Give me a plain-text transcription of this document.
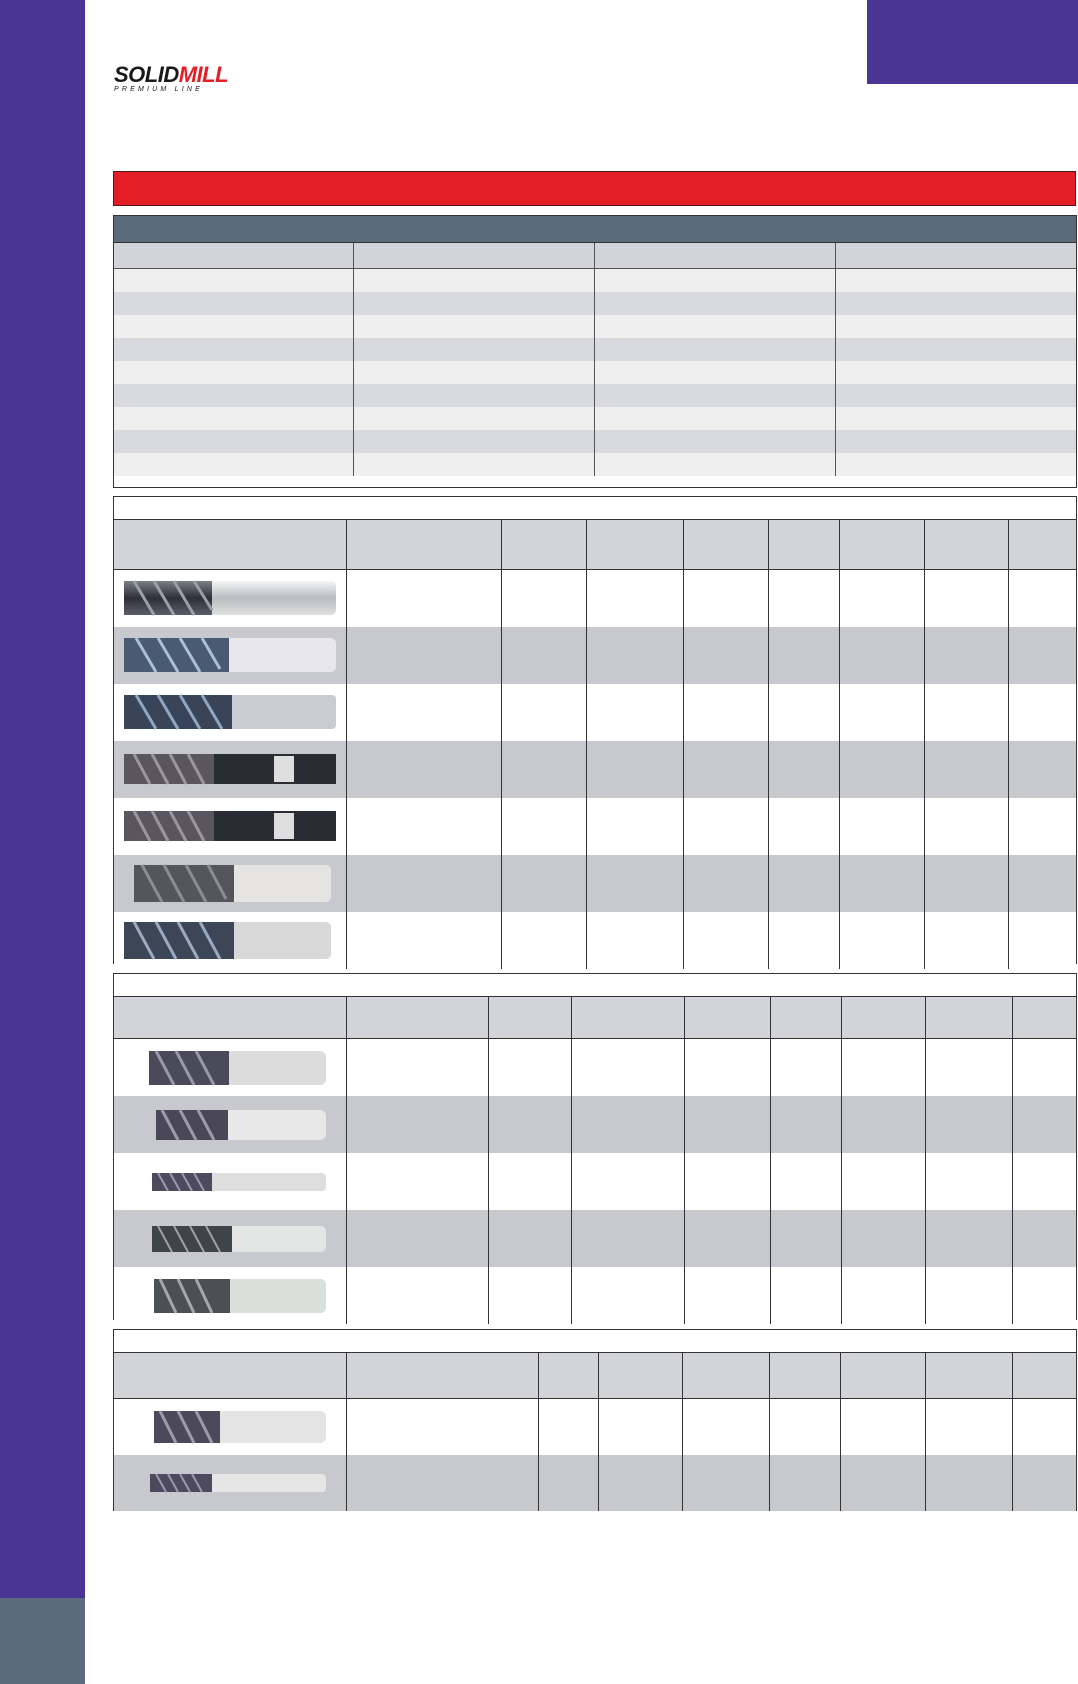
SOLIDMILL
PREMIUM LINE
